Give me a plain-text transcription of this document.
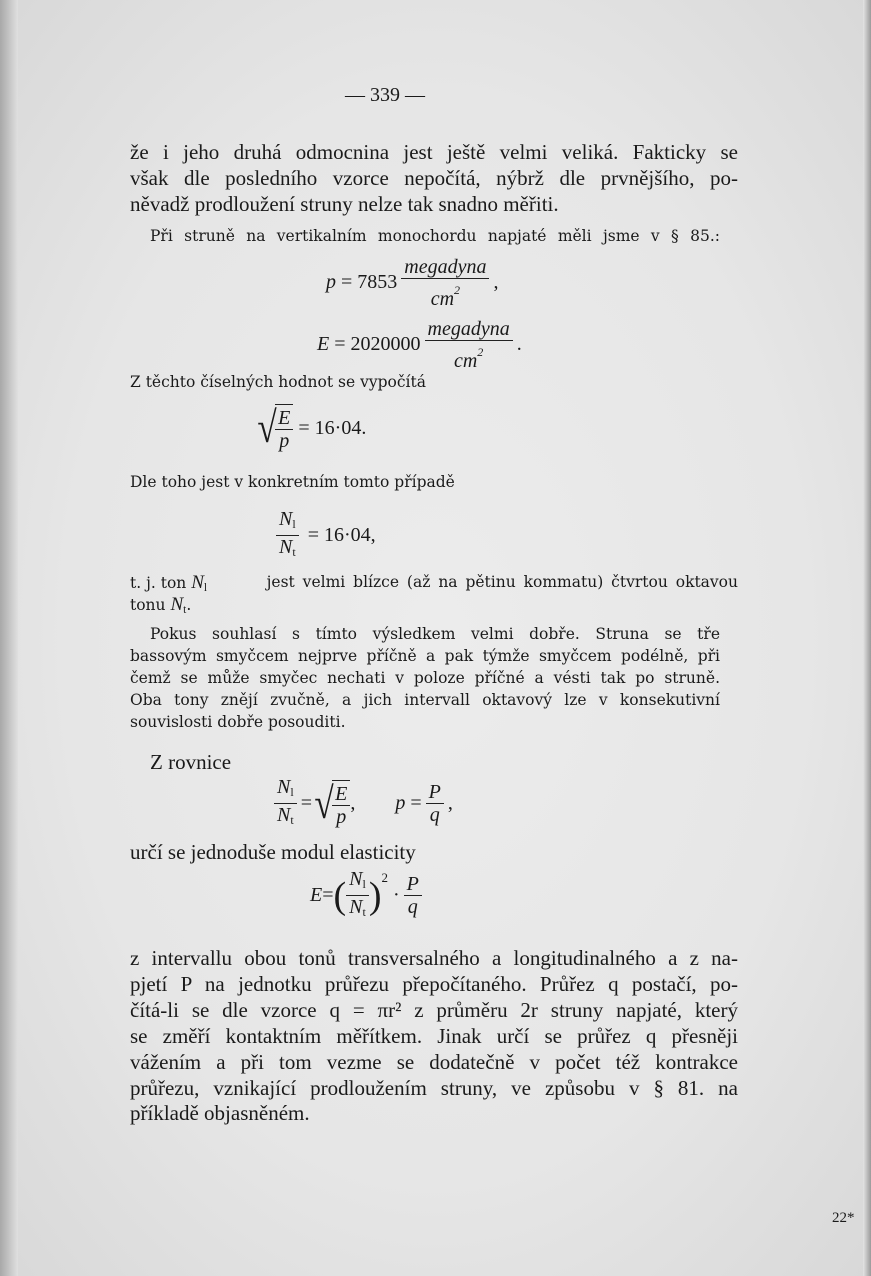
— 339 —
že i jeho druhá odmocnina jest ještě velmi veliká. Fakticky se
však dle posledního vzorce nepočítá, nýbrž dle prvnějšího, po-
něvadž prodloužení struny nelze tak snadno měřiti.
Při struně na vertikalním monochordu napjaté měli jsme v § 85.:
p
=
$7853 \frac{\text{megadyna}}{cm^2}$ ,
E
=
$2020000 \frac{\text{megadyna}}{cm^2}$ .
Z těchto číselných hodnot se vypočítá
√
$\frac{E}{p}$
=
16·04.
Dle toho jest v konkretním tomto případě
$\frac{N_l}{N_t}$
=
16·04,
t. j. ton $N_l$	jest velmi blízce (až na pětinu kommatu) čtvrtou oktavou
tonu $N_t$.
Pokus souhlasí s tímto výsledkem velmi dobře. Struna se tře
bassovým smyčcem nejprve příčně a pak týmže smyčcem podélně, při
čemž se může smyčec nechati v poloze příčné a vésti tak po struně.
Oba tony znějí zvučně, a jich intervall oktavový lze v konsekutivní
souvislosti dobře posouditi.
Z rovnice
$\frac{N_l}{N_t}$ = √
$\frac{E}{p}$ , p
= $\frac{P}{q}$ ,
určí se jednoduše modul elasticity
E = ( $\frac{N_l}{N_t}$ ) 2

· $\frac{P}{q}$
z intervallu obou tonů transversalného a longitudinalného a z na-
pjetí P na jednotku průřezu přepočítaného. Průřez q postačí, po-
čítá-li se dle vzorce q = πr² z průměru 2r struny napjaté, který
se změří kontaktním měřítkem. Jinak určí se průřez q přesněji
vážením a při tom vezme se dodatečně v počet též kontrakce
průřezu, vznikající prodloužením struny, ve způsobu v § 81. na
příkladě objasněném.
22*
